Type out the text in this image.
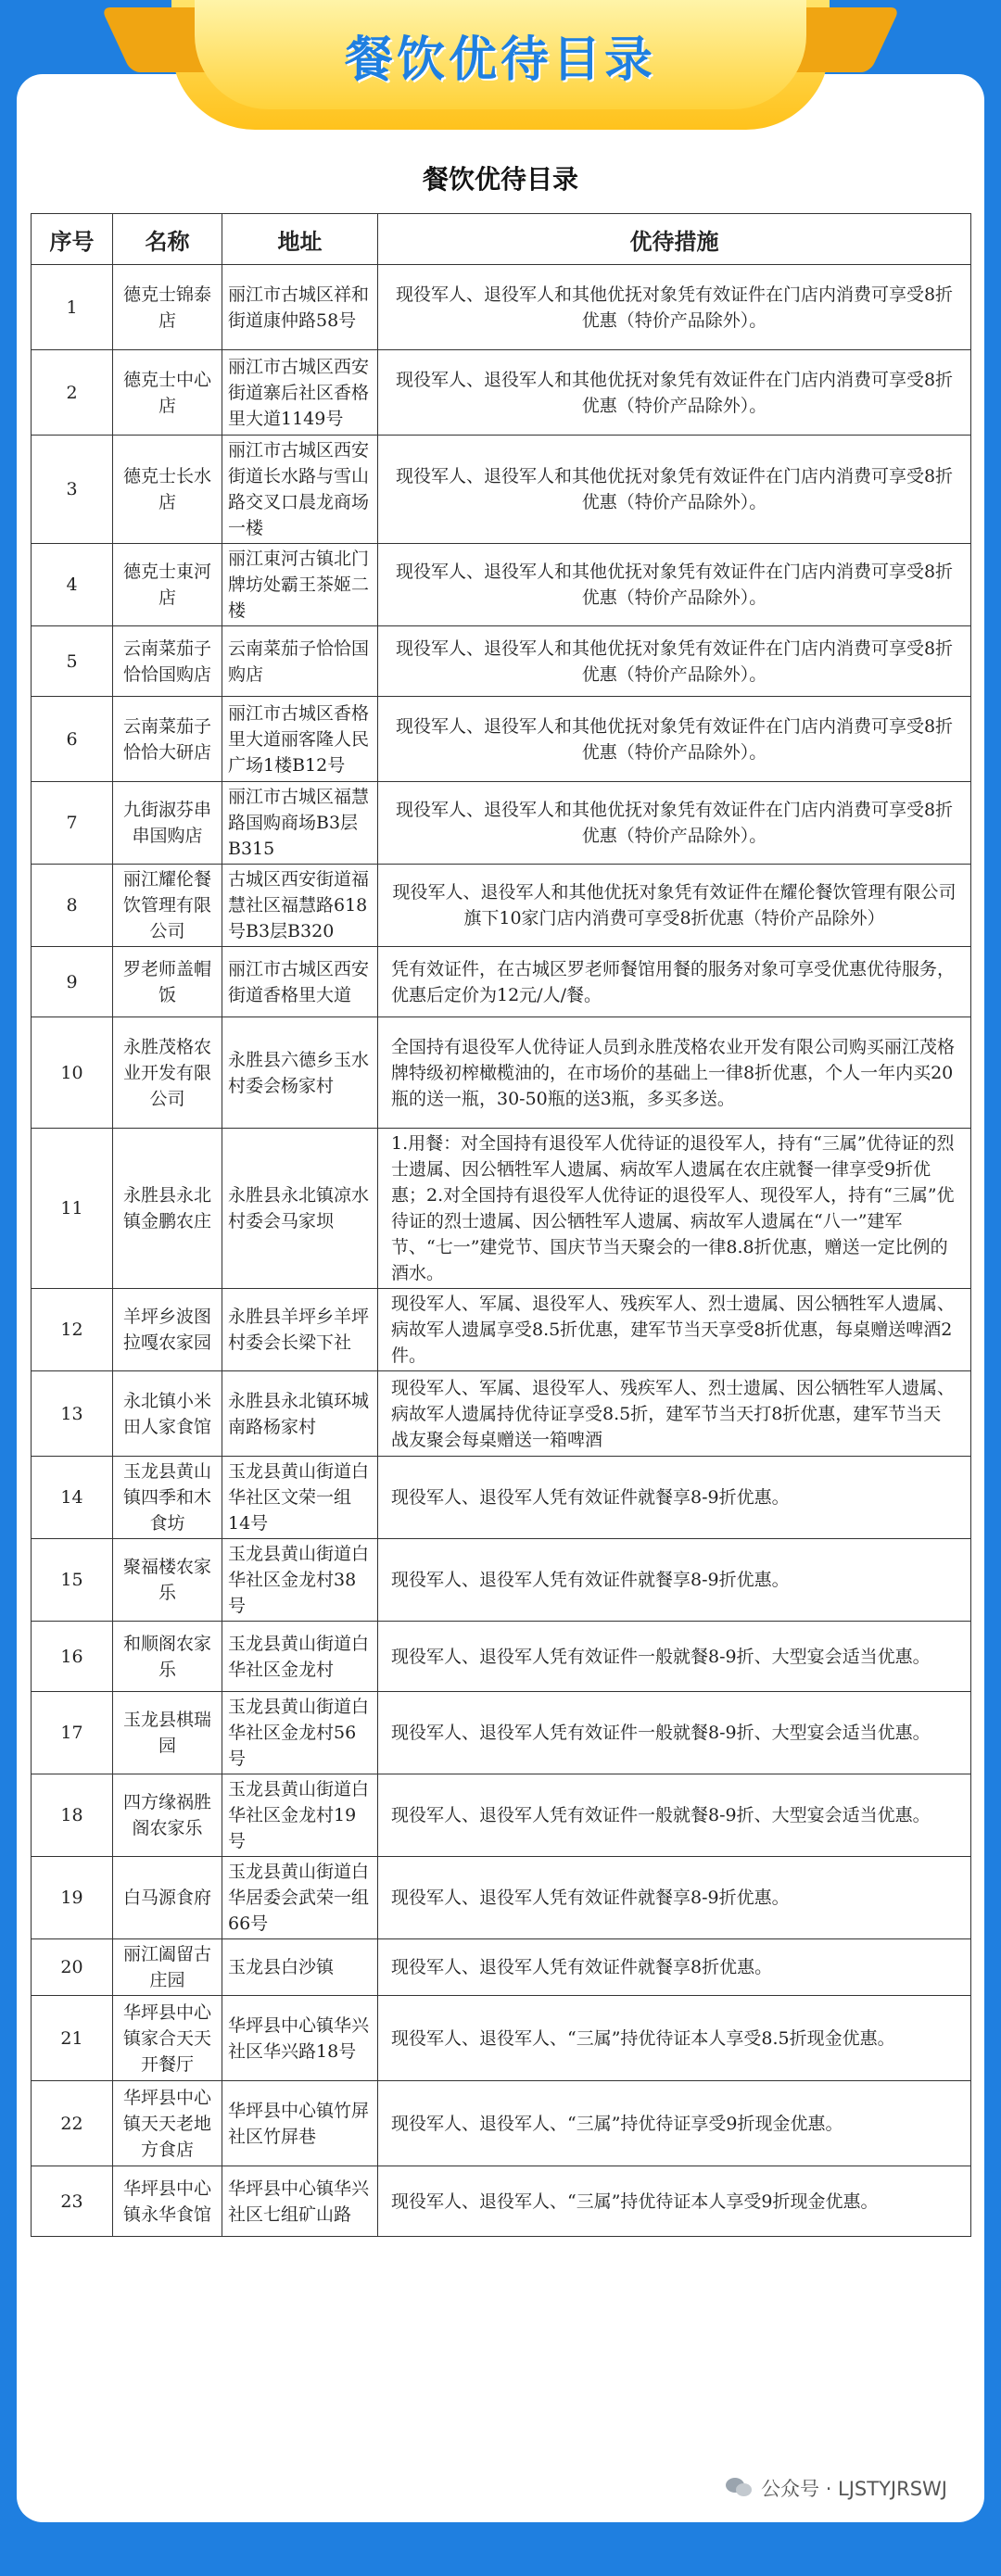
餐饮优待目录
餐饮优待目录
序号	名称	地址	优待措施
1	德克士锦泰店	丽江市古城区祥和街道康仲路58号	现役军人、退役军人和其他优抚对象凭有效证件在门店内消费可享受8折优惠（特价产品除外）。
2	德克士中心店	丽江市古城区西安街道寨后社区香格里大道1149号	现役军人、退役军人和其他优抚对象凭有效证件在门店内消费可享受8折优惠（特价产品除外）。
3	德克士长水店	丽江市古城区西安街道长水路与雪山路交叉口晨龙商场一楼	现役军人、退役军人和其他优抚对象凭有效证件在门店内消费可享受8折优惠（特价产品除外）。
4	德克士東河店	丽江東河古镇北门牌坊处霸王茶姬二楼	现役军人、退役军人和其他优抚对象凭有效证件在门店内消费可享受8折优惠（特价产品除外）。
5	云南菜茄子恰恰国购店	云南菜茄子恰恰国购店	现役军人、退役军人和其他优抚对象凭有效证件在门店内消费可享受8折优惠（特价产品除外）。
6	云南菜茄子恰恰大研店	丽江市古城区香格里大道丽客隆人民广场1楼B12号	现役军人、退役军人和其他优抚对象凭有效证件在门店内消费可享受8折优惠（特价产品除外）。
7	九街淑芬串串国购店	丽江市古城区福慧路国购商场B3层B315	现役军人、退役军人和其他优抚对象凭有效证件在门店内消费可享受8折优惠（特价产品除外）。
8	丽江耀伦餐饮管理有限公司	古城区西安街道福慧社区福慧路618号B3层B320	现役军人、退役军人和其他优抚对象凭有效证件在耀伦餐饮管理有限公司旗下10家门店内消费可享受8折优惠（特价产品除外）
9	罗老师盖帽饭	丽江市古城区西安街道香格里大道	凭有效证件，在古城区罗老师餐馆用餐的服务对象可享受优惠优待服务，优惠后定价为12元/人/餐。
10	永胜茂格农业开发有限公司	永胜县六德乡玉水村委会杨家村	全国持有退役军人优待证人员到永胜茂格农业开发有限公司购买丽江茂格牌特级初榨橄榄油的，在市场价的基础上一律8折优惠，个人一年内买20瓶的送一瓶，30-50瓶的送3瓶，多买多送。
11	永胜县永北镇金鹏农庄	永胜县永北镇凉水村委会马家坝	1.用餐：对全国持有退役军人优待证的退役军人，持有“三属”优待证的烈士遗属、因公牺牲军人遗属、病故军人遗属在农庄就餐一律享受9折优惠；2.对全国持有退役军人优待证的退役军人、现役军人，持有“三属”优待证的烈士遗属、因公牺牲军人遗属、病故军人遗属在“八一”建军节、“七一”建党节、国庆节当天聚会的一律8.8折优惠，赠送一定比例的酒水。
12	羊坪乡波图拉嘎农家园	永胜县羊坪乡羊坪村委会长梁下社	现役军人、军属、退役军人、残疾军人、烈士遗属、因公牺牲军人遗属、病故军人遗属享受8.5折优惠，建军节当天享受8折优惠，每桌赠送啤酒2件。
13	永北镇小米田人家食馆	永胜县永北镇环城南路杨家村	现役军人、军属、退役军人、残疾军人、烈士遗属、因公牺牲军人遗属、病故军人遗属持优待证享受8.5折，建军节当天打8折优惠，建军节当天战友聚会每桌赠送一箱啤酒
14	玉龙县黄山镇四季和木食坊	玉龙县黄山街道白华社区文荣一组14号	现役军人、退役军人凭有效证件就餐享8-9折优惠。
15	聚福楼农家乐	玉龙县黄山街道白华社区金龙村38号	现役军人、退役军人凭有效证件就餐享8-9折优惠。
16	和顺阁农家乐	玉龙县黄山街道白华社区金龙村	现役军人、退役军人凭有效证件一般就餐8-9折、大型宴会适当优惠。
17	玉龙县棋瑞园	玉龙县黄山街道白华社区金龙村56号	现役军人、退役军人凭有效证件一般就餐8-9折、大型宴会适当优惠。
18	四方缘祸胜阁农家乐	玉龙县黄山街道白华社区金龙村19号	现役军人、退役军人凭有效证件一般就餐8-9折、大型宴会适当优惠。
19	白马源食府	玉龙县黄山街道白华居委会武荣一组66号	现役军人、退役军人凭有效证件就餐享8-9折优惠。
20	丽江阖留古庄园	玉龙县白沙镇	现役军人、退役军人凭有效证件就餐享8折优惠。
21	华坪县中心镇家合天天开餐厅	华坪县中心镇华兴社区华兴路18号	现役军人、退役军人、“三属”持优待证本人享受8.5折现金优惠。
22	华坪县中心镇天天老地方食店	华坪县中心镇竹屏社区竹屏巷	现役军人、退役军人、“三属”持优待证享受9折现金优惠。
23	华坪县中心镇永华食馆	华坪县中心镇华兴社区七组矿山路	现役军人、退役军人、“三属”持优待证本人享受9折现金优惠。
公众号 · LJSTYJRSWJ
